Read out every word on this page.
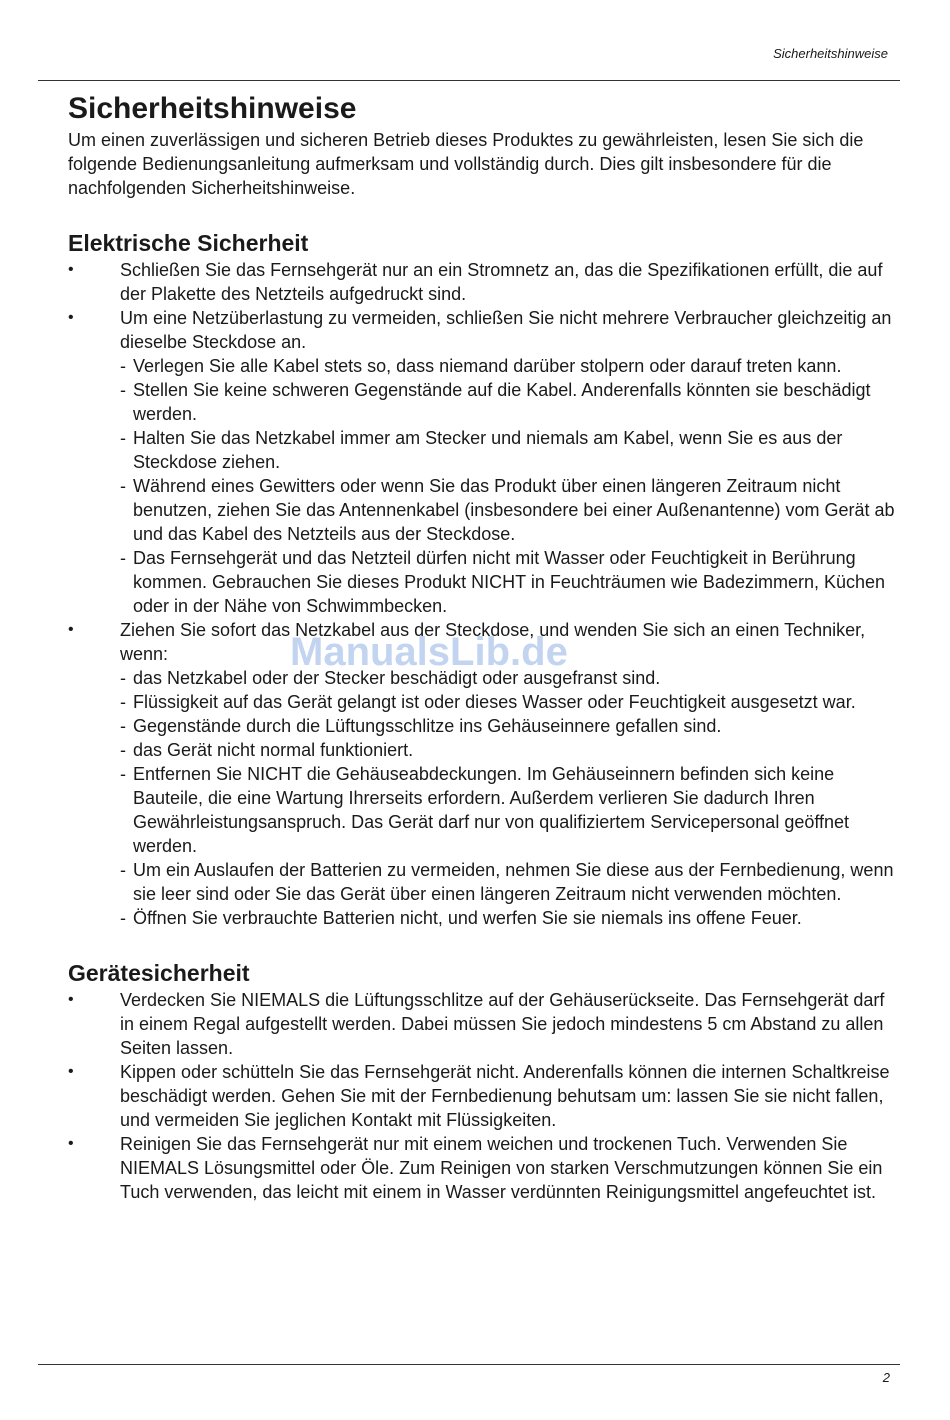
Sicherheitshinweise
Sicherheitshinweise

Um einen zuverlässigen und sicheren Betrieb dieses Produktes zu gewährleisten, lesen Sie sich die folgende Bedienungsanleitung aufmerksam und vollständig durch. Dies gilt insbesondere für die nachfolgenden Sicherheitshinweise.

Elektrische Sicherheit
• Schließen Sie das Fernsehgerät nur an ein Stromnetz an, das die Spezifikationen erfüllt, die auf der Plakette des Netzteils aufgedruckt sind.
• Um eine Netzüberlastung zu vermeiden, schließen Sie nicht mehrere Verbraucher gleichzeitig an dieselbe Steckdose an.
- Verlegen Sie alle Kabel stets so, dass niemand darüber stolpern oder darauf treten kann.
- Stellen Sie keine schweren Gegenstände auf die Kabel. Anderenfalls könnten sie beschädigt werden.
- Halten Sie das Netzkabel immer am Stecker und niemals am Kabel, wenn Sie es aus der Steckdose ziehen.
- Während eines Gewitters oder wenn Sie das Produkt über einen längeren Zeitraum nicht benutzen, ziehen Sie das Antennenkabel (insbesondere bei einer Außenantenne) vom Gerät ab und das Kabel des Netzteils aus der Steckdose.
- Das Fernsehgerät und das Netzteil dürfen nicht mit Wasser oder Feuchtigkeit in Berührung kommen. Gebrauchen Sie dieses Produkt NICHT in Feuchträumen wie Badezimmern, Küchen oder in der Nähe von Schwimmbecken.
• Ziehen Sie sofort das Netzkabel aus der Steckdose, und wenden Sie sich an einen Techniker, wenn:
- das Netzkabel oder der Stecker beschädigt oder ausgefranst sind.
- Flüssigkeit auf das Gerät gelangt ist oder dieses Wasser oder Feuchtigkeit ausgesetzt war.
- Gegenstände durch die Lüftungsschlitze ins Gehäuseinnere gefallen sind.
- das Gerät nicht normal funktioniert.
- Entfernen Sie NICHT die Gehäuseabdeckungen. Im Gehäuseinnern befinden sich keine Bauteile, die eine Wartung Ihrerseits erfordern. Außerdem verlieren Sie dadurch Ihren Gewährleistungsanspruch. Das Gerät darf nur von qualifiziertem Servicepersonal geöffnet werden.
- Um ein Auslaufen der Batterien zu vermeiden, nehmen Sie diese aus der Fernbedienung, wenn sie leer sind oder Sie das Gerät über einen längeren Zeitraum nicht verwenden möchten.
- Öffnen Sie verbrauchte Batterien nicht, und werfen Sie sie niemals ins offene Feuer.
Gerätesicherheit
• Verdecken Sie NIEMALS die Lüftungsschlitze auf der Gehäuserückseite. Das Fernsehgerät darf in einem Regal aufgestellt werden. Dabei müssen Sie jedoch mindestens 5 cm Abstand zu allen Seiten lassen.
• Kippen oder schütteln Sie das Fernsehgerät nicht. Anderenfalls können die internen Schaltkreise beschädigt werden. Gehen Sie mit der Fernbedienung behutsam um: lassen Sie sie nicht fallen, und vermeiden Sie jeglichen Kontakt mit Flüssigkeiten.
• Reinigen Sie das Fernsehgerät nur mit einem weichen und trockenen Tuch. Verwenden Sie NIEMALS Lösungsmittel oder Öle. Zum Reinigen von starken Verschmutzungen können Sie ein Tuch verwenden, das leicht mit einem in Wasser verdünnten Reinigungsmittel angefeuchtet ist.
ManualsLib.de
2
